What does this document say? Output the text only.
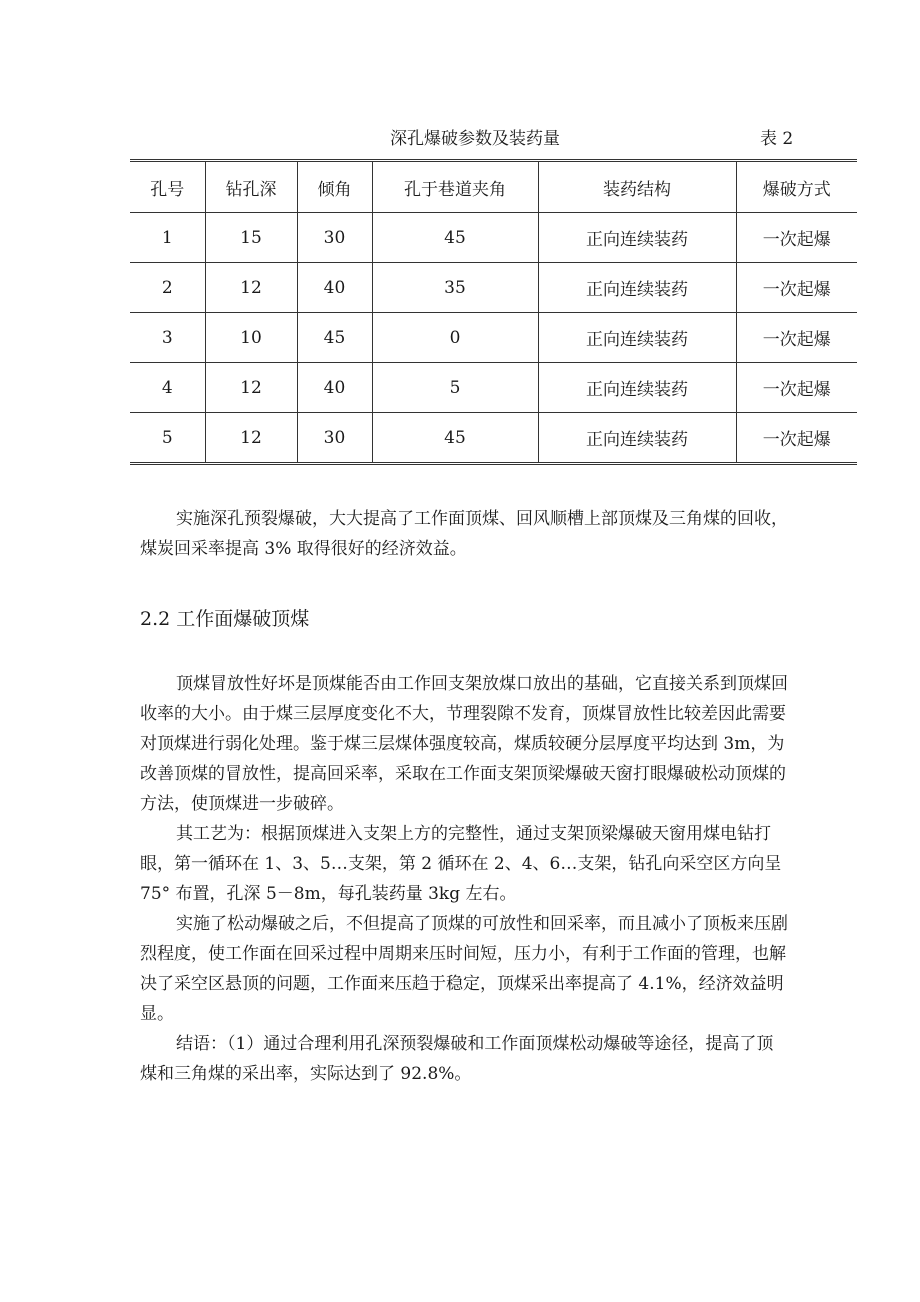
深孔爆破参数及装药量	表 2
孔号	钻孔深	倾角	孔于巷道夹角	装药结构	爆破方式
1	15	30	45	正向连续装药	一次起爆
2	12	40	35	正向连续装药	一次起爆
3	10	45	0	正向连续装药	一次起爆
4	12	40	5	正向连续装药	一次起爆
5	12	30	45	正向连续装药	一次起爆

实施深孔预裂爆破，大大提高了工作面顶煤、回风顺槽上部顶煤及三角煤的回收，煤炭回采率提高 3% 取得很好的经济效益。

2.2 工作面爆破顶煤

顶煤冒放性好坏是顶煤能否由工作回支架放煤口放出的基础，它直接关系到顶煤回收率的大小。由于煤三层厚度变化不大，节理裂隙不发育，顶煤冒放性比较差因此需要对顶煤进行弱化处理。鉴于煤三层煤体强度较高，煤质较硬分层厚度平均达到 3m，为改善顶煤的冒放性，提高回采率，采取在工作面支架顶梁爆破天窗打眼爆破松动顶煤的方法，使顶煤进一步破碎。

其工艺为：根据顶煤进入支架上方的完整性，通过支架顶梁爆破天窗用煤电钻打眼，第一循环在 1、3、5…支架，第 2 循环在 2、4、6…支架，钻孔向采空区方向呈 75° 布置，孔深 5－8m，每孔装药量 3kg 左右。

实施了松动爆破之后，不但提高了顶煤的可放性和回采率，而且减小了顶板来压剧烈程度，使工作面在回采过程中周期来压时间短，压力小，有利于工作面的管理，也解决了采空区悬顶的问题，工作面来压趋于稳定，顶煤采出率提高了 4.1%，经济效益明显。

结语：（1）通过合理利用孔深预裂爆破和工作面顶煤松动爆破等途径，提高了顶煤和三角煤的采出率，实际达到了 92.8%。
